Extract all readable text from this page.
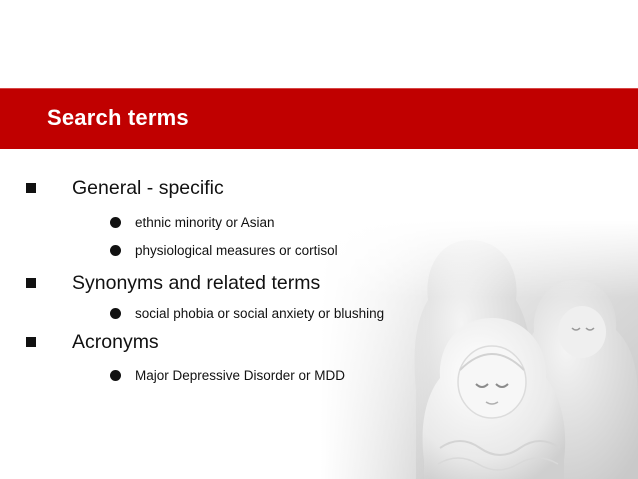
Search terms
General - specific
ethnic minority or Asian
physiological measures or cortisol
Synonyms and related terms
social phobia or social anxiety or blushing
Acronyms
Major Depressive Disorder or MDD
